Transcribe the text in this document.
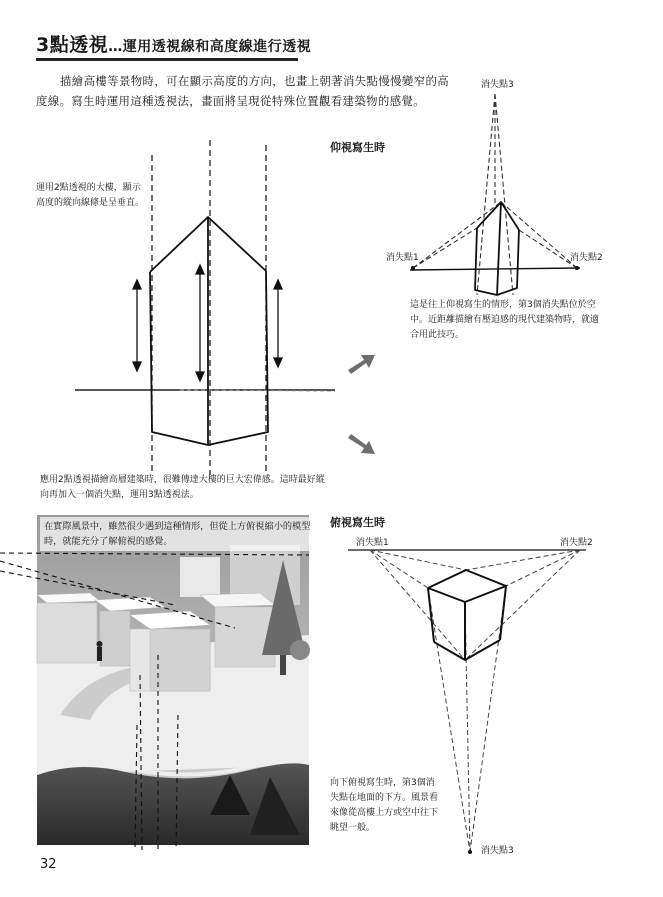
3點透視…運用透視線和高度線進行透視

描繪高樓等景物時，可在顯示高度的方向，也畫上朝著消失點慢慢變窄的高度線。寫生時運用這種透視法，畫面將呈現從特殊位置觀看建築物的感覺。

運用2點透視的大樓，顯示高度的縱向線條是呈垂直。
應用2點透視描繪高層建築時，很難傳達大樓的巨大宏偉感。這時最好縱向再加入一個消失點，運用3點透視法。
仰視寫生時
消失點3
消失點1	消失點2
這是往上仰視寫生的情形，第3個消失點位於空中。近距離描繪有壓迫感的現代建築物時，就適合用此技巧。
俯視寫生時
消失點1	消失點2
消失點3
向下俯視寫生時，第3個消失點在地面的下方。風景看來像從高樓上方或空中往下眺望一般。
在實際風景中，雖然很少遇到這種情形，但從上方俯視縮小的模型時，就能充分了解俯視的感覺。
32
